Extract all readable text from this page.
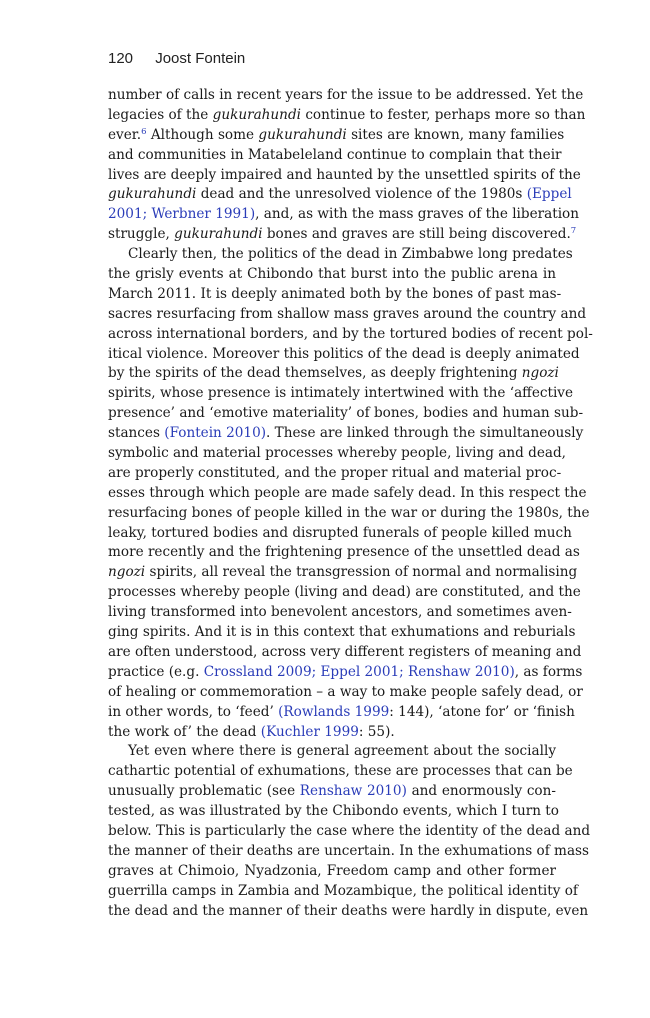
120 Joost Fontein
number of calls in recent years for the issue to be addressed. Yet the
legacies of the gukurahundi continue to fester, perhaps more so than
ever.$^6$ Although some gukurahundi sites are known, many families
and communities in Matabeleland continue to complain that their
lives are deeply impaired and haunted by the unsettled spirits of the
gukurahundi dead and the unresolved violence of the 1980s (Eppel
2001; Werbner 1991), and, as with the mass graves of the liberation
struggle, gukurahundi bones and graves are still being discovered.$^7$
Clearly then, the politics of the dead in Zimbabwe long predates
the grisly events at Chibondo that burst into the public arena in
March 2011. It is deeply animated both by the bones of past mas-
sacres resurfacing from shallow mass graves around the country and
across international borders, and by the tortured bodies of recent pol-
itical violence. Moreover this politics of the dead is deeply animated
by the spirits of the dead themselves, as deeply frightening ngozi
spirits, whose presence is intimately intertwined with the ‘affective
presence’ and ‘emotive materiality’ of bones, bodies and human sub-
stances (Fontein 2010). These are linked through the simultaneously
symbolic and material processes whereby people, living and dead,
are properly constituted, and the proper ritual and material proc-
esses through which people are made safely dead. In this respect the
resurfacing bones of people killed in the war or during the 1980s, the
leaky, tortured bodies and disrupted funerals of people killed much
more recently and the frightening presence of the unsettled dead as
ngozi spirits, all reveal the transgression of normal and normalising
processes whereby people (living and dead) are constituted, and the
living transformed into benevolent ancestors, and sometimes aven-
ging spirits. And it is in this context that exhumations and reburials
are often understood, across very different registers of meaning and
practice (e.g. Crossland 2009; Eppel 2001; Renshaw 2010), as forms
of healing or commemoration – a way to make people safely dead, or
in other words, to ‘feed’ (Rowlands 1999: 144), ‘atone for’ or ‘finish
the work of’ the dead (Kuchler 1999: 55).
Yet even where there is general agreement about the socially
cathartic potential of exhumations, these are processes that can be
unusually problematic (see Renshaw 2010) and enormously con-
tested, as was illustrated by the Chibondo events, which I turn to
below. This is particularly the case where the identity of the dead and
the manner of their deaths are uncertain. In the exhumations of mass
graves at Chimoio, Nyadzonia, Freedom camp and other former
guerrilla camps in Zambia and Mozambique, the political identity of
the dead and the manner of their deaths were hardly in dispute, even
